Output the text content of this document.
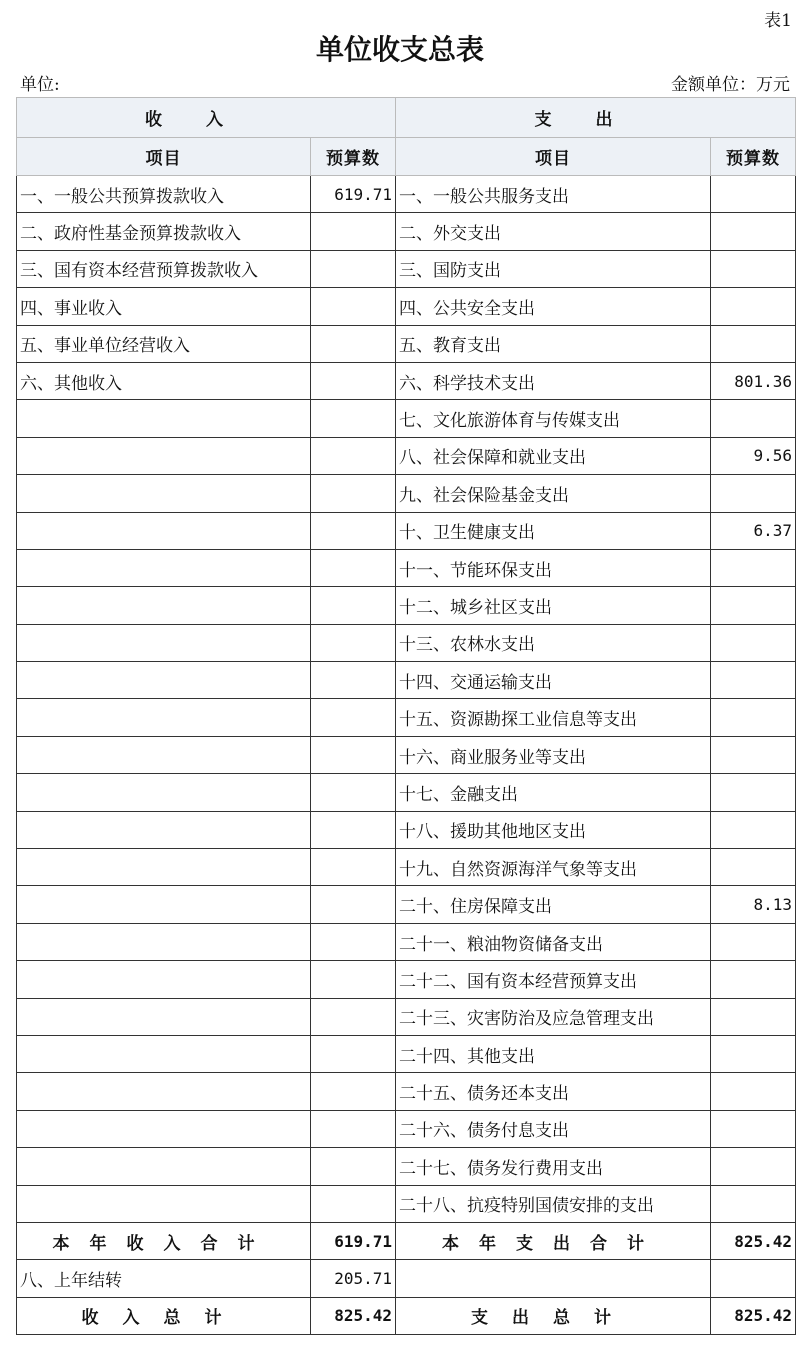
表1
单位收支总表
单位:	金额单位：万元
收入		支出	
项目	预算数	项目	预算数
一、一般公共预算拨款收入	619.71	一、一般公共服务支出	
二、政府性基金预算拨款收入		二、外交支出	
三、国有资本经营预算拨款收入		三、国防支出	
四、事业收入		四、公共安全支出	
五、事业单位经营收入		五、教育支出	
六、其他收入		六、科学技术支出	801.36
		七、文化旅游体育与传媒支出	
		八、社会保障和就业支出	9.56
		九、社会保险基金支出	
		十、卫生健康支出	6.37
		十一、节能环保支出	
		十二、城乡社区支出	
		十三、农林水支出	
		十四、交通运输支出	
		十五、资源勘探工业信息等支出	
		十六、商业服务业等支出	
		十七、金融支出	
		十八、援助其他地区支出	
		十九、自然资源海洋气象等支出	
		二十、住房保障支出	8.13
		二十一、粮油物资储备支出	
		二十二、国有资本经营预算支出	
		二十三、灾害防治及应急管理支出	
		二十四、其他支出	
		二十五、债务还本支出	
		二十六、债务付息支出	
		二十七、债务发行费用支出	
		二十八、抗疫特别国债安排的支出	
本年收入合计	619.71	本年支出合计	825.42
八、上年结转	205.71		
收入总计	825.42	支出总计	825.42
